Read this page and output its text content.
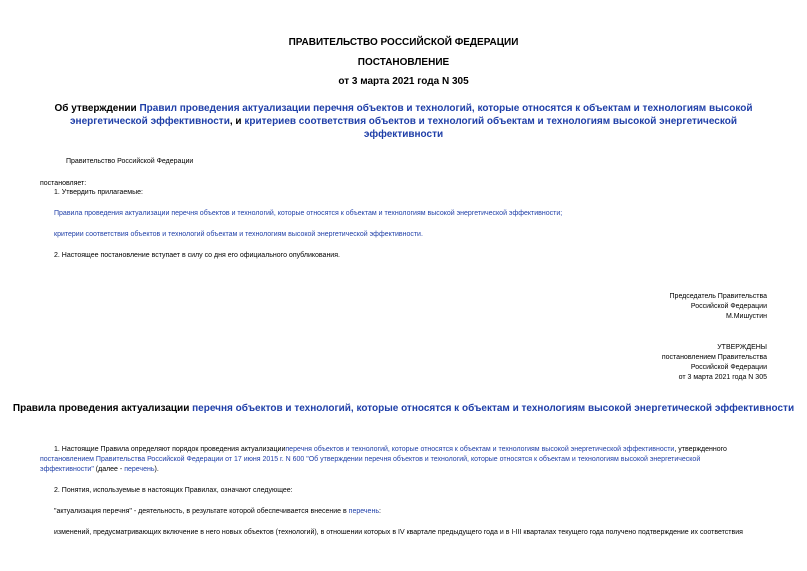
ПРАВИТЕЛЬСТВО РОССИЙСКОЙ ФЕДЕРАЦИИ
ПОСТАНОВЛЕНИЕ
от 3 марта 2021 года N 305
Об утверждении Правил проведения актуализации перечня объектов и технологий, которые относятся к объектам и технологиям высокой энергетической эффективности, и критериев соответствия объектов и технологий объектам и технологиям высокой энергетической эффективности
Правительство Российской Федерации
постановляет:
1. Утвердить прилагаемые:
Правила проведения актуализации перечня объектов и технологий, которые относятся к объектам и технологиям высокой энергетической эффективности;
критерии соответствия объектов и технологий объектам и технологиям высокой энергетической эффективности.
2. Настоящее постановление вступает в силу со дня его официального опубликования.
Председатель Правительства
Российской Федерации
М.Мишустин
УТВЕРЖДЕНЫ
постановлением Правительства
Российской Федерации
от 3 марта 2021 года N 305
Правила проведения актуализации перечня объектов и технологий, которые относятся к объектам и технологиям высокой энергетической эффективности
1. Настоящие Правила определяют порядок проведения актуализацииперечня объектов и технологий, которые относятся к объектам и технологиям высокой энергетической эффективности, утвержденного
постановлением Правительства Российской Федерации от 17 июня 2015 г. N 600 "Об утверждении перечня объектов и технологий, которые относятся к объектам и технологиям высокой энергетической
эффективности" (далее - перечень).
2. Понятия, используемые в настоящих Правилах, означают следующее:
"актуализация перечня" - деятельность, в результате которой обеспечивается внесение в перечень:
изменений, предусматривающих включение в него новых объектов (технологий), в отношении которых в IV квартале предыдущего года и в I-III кварталах текущего года получено подтверждение их соответствия
